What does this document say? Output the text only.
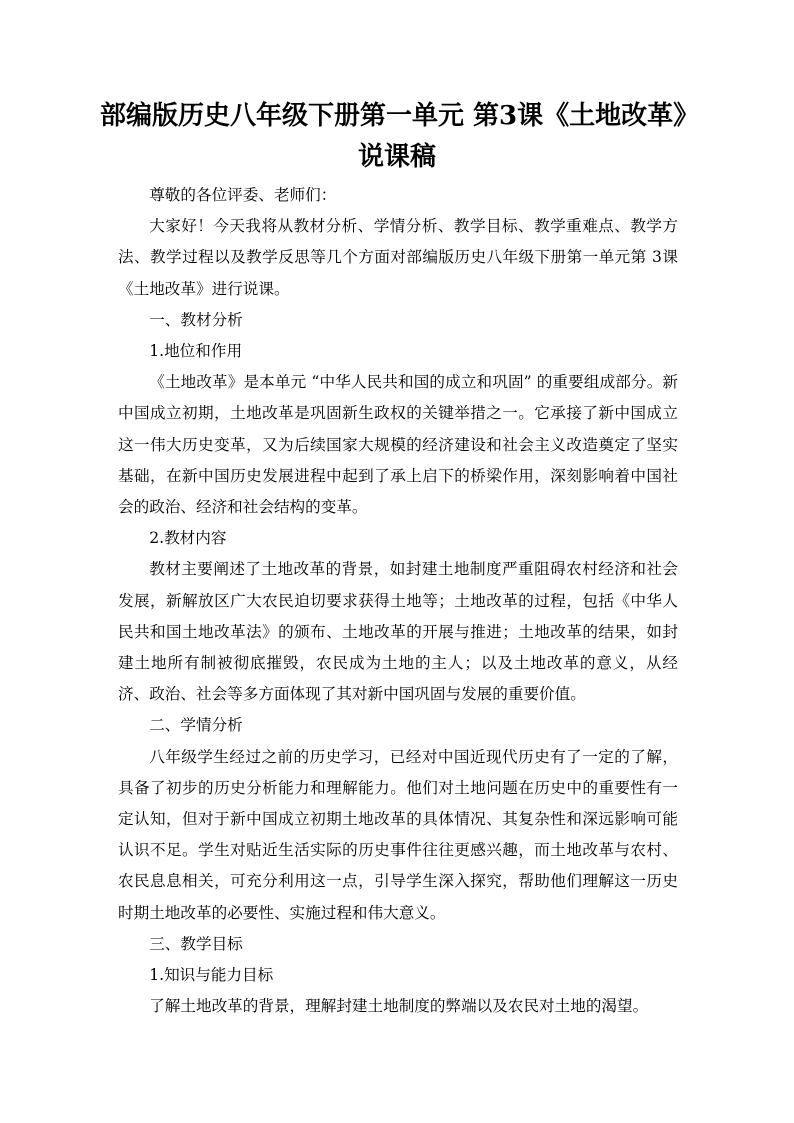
部编版历史八年级下册第一单元 第3课《土地改革》
说课稿

尊敬的各位评委、老师们：

大家好！今天我将从教材分析、学情分析、教学目标、教学重难点、教学方法、教学过程以及教学反思等几个方面对部编版历史八年级下册第一单元第 3课《土地改革》进行说课。

一、教材分析

1.地位和作用

《土地改革》是本单元 “中华人民共和国的成立和巩固” 的重要组成部分。新中国成立初期，土地改革是巩固新生政权的关键举措之一。它承接了新中国成立这一伟大历史变革，又为后续国家大规模的经济建设和社会主义改造奠定了坚实基础，在新中国历史发展进程中起到了承上启下的桥梁作用，深刻影响着中国社会的政治、经济和社会结构的变革。

2.教材内容

教材主要阐述了土地改革的背景，如封建土地制度严重阻碍农村经济和社会发展，新解放区广大农民迫切要求获得土地等；土地改革的过程，包括《中华人民共和国土地改革法》的颁布、土地改革的开展与推进；土地改革的结果，如封建土地所有制被彻底摧毁，农民成为土地的主人；以及土地改革的意义，从经济、政治、社会等多方面体现了其对新中国巩固与发展的重要价值。

二、学情分析

八年级学生经过之前的历史学习，已经对中国近现代历史有了一定的了解，具备了初步的历史分析能力和理解能力。他们对土地问题在历史中的重要性有一定认知，但对于新中国成立初期土地改革的具体情况、其复杂性和深远影响可能认识不足。学生对贴近生活实际的历史事件往往更感兴趣，而土地改革与农村、农民息息相关，可充分利用这一点，引导学生深入探究，帮助他们理解这一历史时期土地改革的必要性、实施过程和伟大意义。

三、教学目标

1.知识与能力目标

了解土地改革的背景，理解封建土地制度的弊端以及农民对土地的渴望。
